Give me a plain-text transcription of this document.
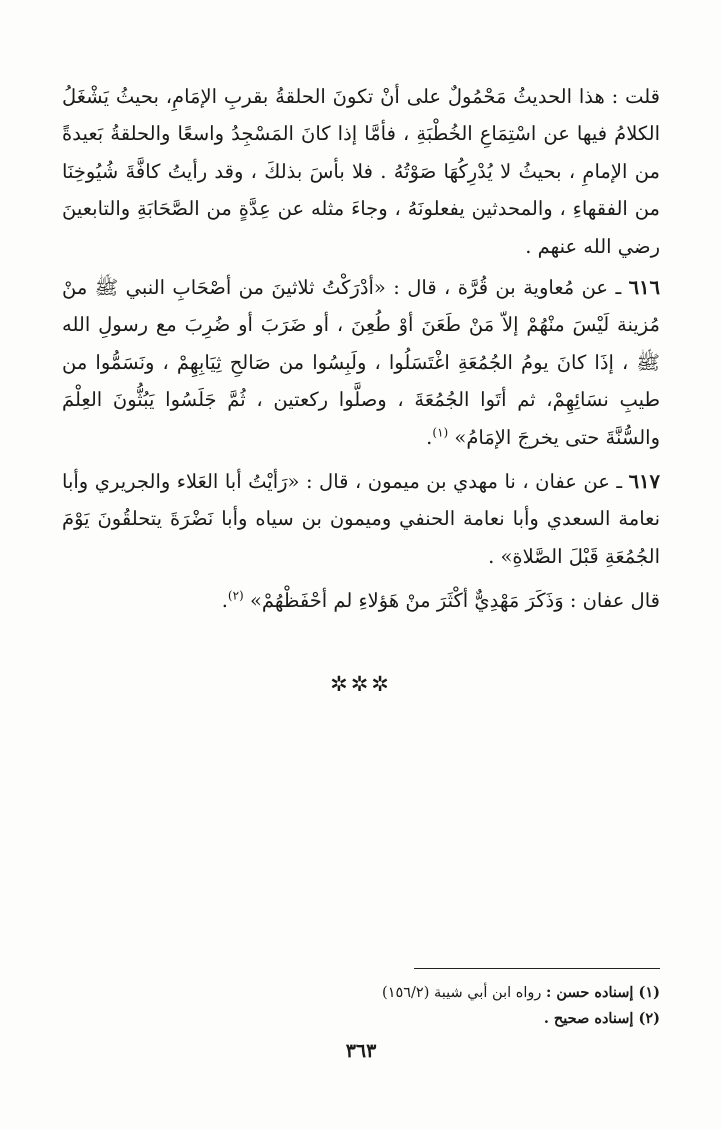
قلت : هذا الحديثُ مَحْمُولٌ على أنْ تكونَ الحلقةُ بقربِ الإمَامِ، بحيثُ يَشْغَلُ الكلامُ فيها عن اسْتِمَاعِ الخُطْبَةِ ، فأمَّا إذا كانَ المَسْجِدُ واسعًا والحلقةُ بَعيدةً من الإمامِ ، بحيثُ لا يُدْرِكُهَا صَوْتُهُ . فلا بأسَ بذلكَ ، وقد رأيتُ كافَّةَ شُيُوخِنَا من الفقهاءِ ، والمحدثين يفعلونَهُ ، وجاءَ مثله عن عِدَّةٍ من الصَّحَابَةِ والتابعينَ رضي الله عنهم .

٦١٦ ـ عن مُعاوية بن قُرَّة ، قال : «أدْرَكْتُ ثلاثينَ من أصْحَابِ النبي ﷺ منْ مُزينة لَيْسَ منْهُمْ إلاّ مَنْ طَعَنَ أوْ طُعِنَ ، أو ضَرَبَ أو ضُرِبَ مع رسولِ الله ﷺ ، إذَا كانَ يومُ الجُمُعَةِ اغْتَسَلُوا ، ولَبِسُوا من صَالحِ ثِيَابِهِمْ ، ونَسَمُّوا من طيبِ نسَائِهِمْ، ثم أتَوا الجُمُعَةَ ، وصلَّوا ركعتين ، ثُمَّ جَلَسُوا يَبُثُّونَ العِلْمَ والسُّنَّةَ حتى يخرجَ الإمَامُ» $^{(١)}$.

٦١٧ ـ عن عفان ، نا مهدي بن ميمون ، قال : «رَأيْتُ أبا العَلاء والجريري وأبا نعامة السعدي وأبا نعامة الحنفي وميمون بن سياه وأبا نَضْرَةَ يتحلقُونَ يَوْمَ الجُمُعَةِ قَبْلَ الصَّلاةِ» .

قال عفان : وَذَكَرَ مَهْدِيٌّ أكْثَرَ منْ هَؤلاءِ لم أحْفَظْهُمْ» $^{(٢)}$.

✲✲✲

(١) إسناده حسن : رواه ابن أبي شيبة (١٥٦/٢)

(٢) إسناده صحيح .

٣٦٣
